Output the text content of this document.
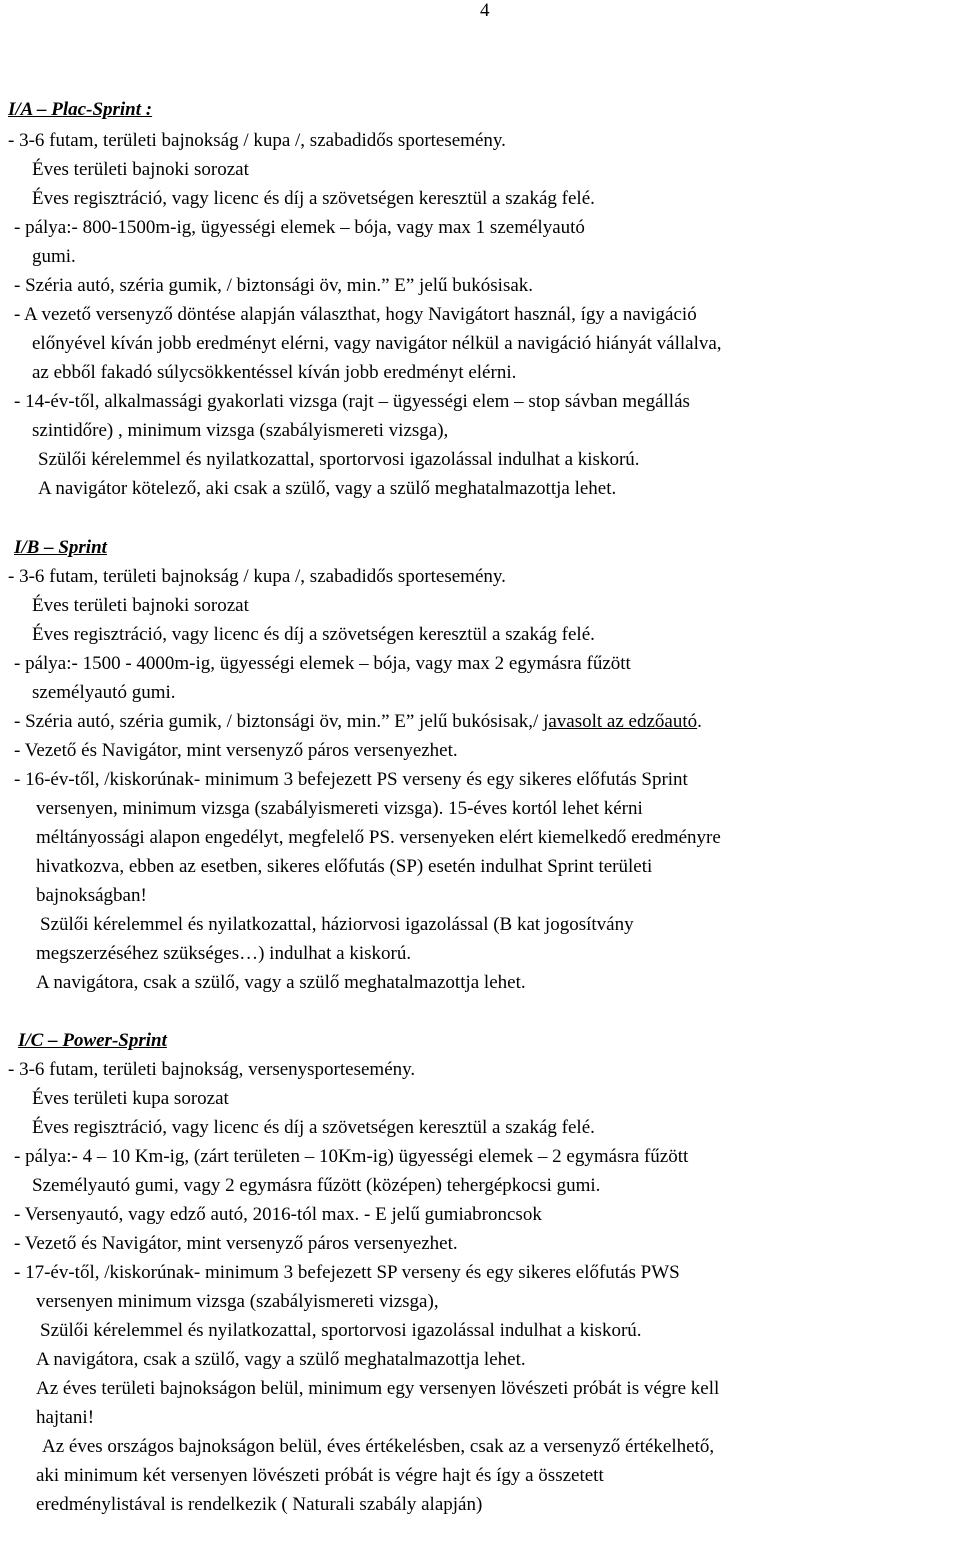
4
I/A – Plac-Sprint :
- 3-6 futam, területi bajnokság / kupa /, szabadidős sportesemény.
Éves területi bajnoki sorozat
Éves regisztráció, vagy licenc és díj a szövetségen keresztül a szakág felé.
- pálya:- 800-1500m-ig, ügyességi elemek – bója, vagy max 1 személyautó
gumi.
- Széria autó, széria gumik, / biztonsági öv, min.” E” jelű bukósisak.
- A vezető versenyző döntése alapján választhat, hogy Navigátort használ, így a navigáció
előnyével kíván jobb eredményt elérni, vagy navigátor nélkül a navigáció hiányát vállalva,
az ebből fakadó súlycsökkentéssel kíván jobb eredményt elérni.
- 14-év-től, alkalmassági gyakorlati vizsga (rajt – ügyességi elem – stop sávban megállás
szintidőre) , minimum vizsga (szabályismereti vizsga),
Szülői kérelemmel és nyilatkozattal, sportorvosi igazolással indulhat a kiskorú.
A navigátor kötelező, aki csak a szülő, vagy a szülő meghatalmazottja lehet.
I/B – Sprint
- 3-6 futam, területi bajnokság / kupa /, szabadidős sportesemény.
Éves területi bajnoki sorozat
Éves regisztráció, vagy licenc és díj a szövetségen keresztül a szakág felé.
- pálya:- 1500 - 4000m-ig, ügyességi elemek – bója, vagy max 2 egymásra fűzött
személyautó gumi.
- Széria autó, széria gumik, / biztonsági öv, min.” E” jelű bukósisak,/ javasolt az edzőautó.
- Vezető és Navigátor, mint versenyző páros versenyezhet.
- 16-év-től, /kiskorúnak- minimum 3 befejezett PS verseny és egy sikeres előfutás Sprint
versenyen, minimum vizsga (szabályismereti vizsga). 15-éves kortól lehet kérni
méltányossági alapon engedélyt, megfelelő PS. versenyeken elért kiemelkedő eredményre
hivatkozva, ebben az esetben, sikeres előfutás (SP) esetén indulhat Sprint területi
bajnokságban!
Szülői kérelemmel és nyilatkozattal, háziorvosi igazolással (B kat jogosítvány
megszerzéséhez szükséges…) indulhat a kiskorú.
A navigátora, csak a szülő, vagy a szülő meghatalmazottja lehet.
I/C – Power-Sprint
- 3-6 futam, területi bajnokság, versenysportesemény.
Éves területi kupa sorozat
Éves regisztráció, vagy licenc és díj a szövetségen keresztül a szakág felé.
- pálya:- 4 – 10 Km-ig, (zárt területen – 10Km-ig) ügyességi elemek – 2 egymásra fűzött
Személyautó gumi, vagy 2 egymásra fűzött (középen) tehergépkocsi gumi.
- Versenyautó, vagy edző autó, 2016-tól max. - E jelű gumiabroncsok
- Vezető és Navigátor, mint versenyző páros versenyezhet.
- 17-év-től, /kiskorúnak- minimum 3 befejezett SP verseny és egy sikeres előfutás PWS
versenyen minimum vizsga (szabályismereti vizsga),
Szülői kérelemmel és nyilatkozattal, sportorvosi igazolással indulhat a kiskorú.
A navigátora, csak a szülő, vagy a szülő meghatalmazottja lehet.
Az éves területi bajnokságon belül, minimum egy versenyen lövészeti próbát is végre kell
hajtani!
Az éves országos bajnokságon belül, éves értékelésben, csak az a versenyző értékelhető,
aki minimum két versenyen lövészeti próbát is végre hajt és így a összetett
eredménylistával is rendelkezik ( Naturali szabály alapján)
